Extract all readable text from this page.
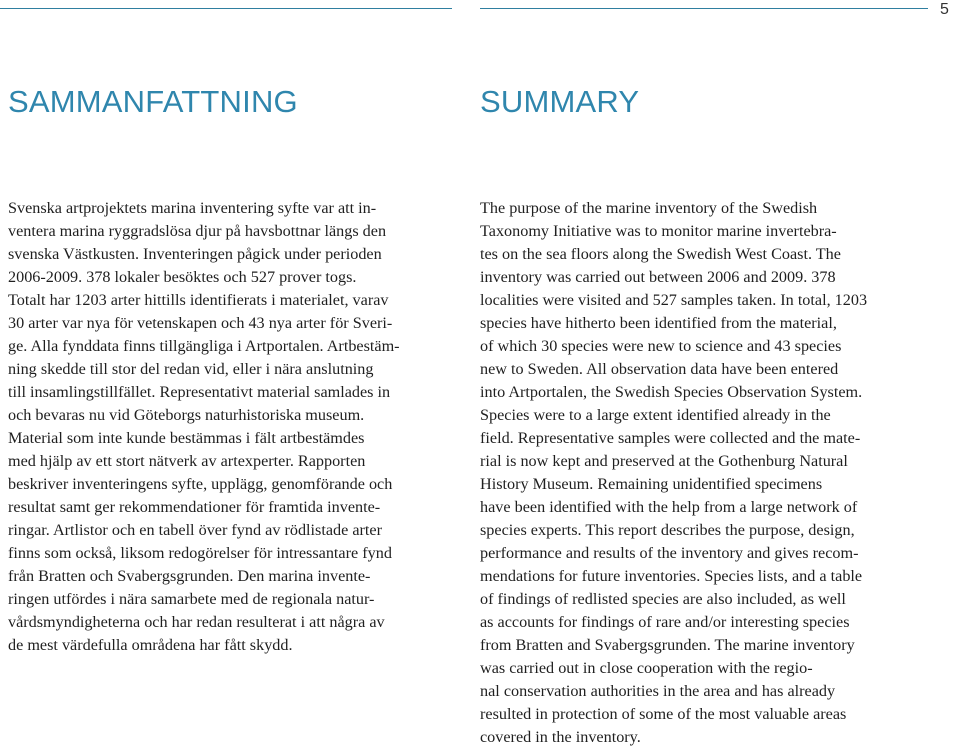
5
SAMMANFATTNING	SUMMARY
Svenska artprojektets marina inventering syfte var att in-
ventera marina ryggradslösa djur på havsbottnar längs den
svenska Västkusten. Inventeringen pågick under perioden
2006-2009. 378 lokaler besöktes och 527 prover togs.
Totalt har 1203 arter hittills identifierats i materialet, varav
30 arter var nya för vetenskapen och 43 nya arter för Sveri-
ge. Alla fynddata finns tillgängliga i Artportalen. Artbestäm-
ning skedde till stor del redan vid, eller i nära anslutning
till insamlingstillfället. Representativt material samlades in
och bevaras nu vid Göteborgs naturhistoriska museum.
Material som inte kunde bestämmas i fält artbestämdes
med hjälp av ett stort nätverk av artexperter. Rapporten
beskriver inventeringens syfte, upplägg, genomförande och
resultat samt ger rekommendationer för framtida invente-
ringar. Artlistor och en tabell över fynd av rödlistade arter
finns som också, liksom redogörelser för intressantare fynd
från Bratten och Svabergsgrunden. Den marina invente-
ringen utfördes i nära samarbete med de regionala natur-
vårdsmyndigheterna och har redan resulterat i att några av
de mest värdefulla områdena har fått skydd.
The purpose of the marine inventory of the Swedish
Taxonomy Initiative was to monitor marine invertebra-
tes on the sea floors along the Swedish West Coast. The
inventory was carried out between 2006 and 2009. 378
localities were visited and 527 samples taken. In total, 1203
species have hitherto been identified from the material,
of which 30 species were new to science and 43 species
new to Sweden. All observation data have been entered
into Artportalen, the Swedish Species Observation System.
Species were to a large extent identified already in the
field. Representative samples were collected and the mate-
rial is now kept and preserved at the Gothenburg Natural
History Museum. Remaining unidentified specimens
have been identified with the help from a large network of
species experts. This report describes the purpose, design,
performance and results of the inventory and gives recom-
mendations for future inventories. Species lists, and a table
of findings of redlisted species are also included, as well
as accounts for findings of rare and/or interesting species
from Bratten and Svabergsgrunden. The marine inventory
was carried out in close cooperation with the regio-
nal conservation authorities in the area and has already
resulted in protection of some of the most valuable areas
covered in the inventory.
